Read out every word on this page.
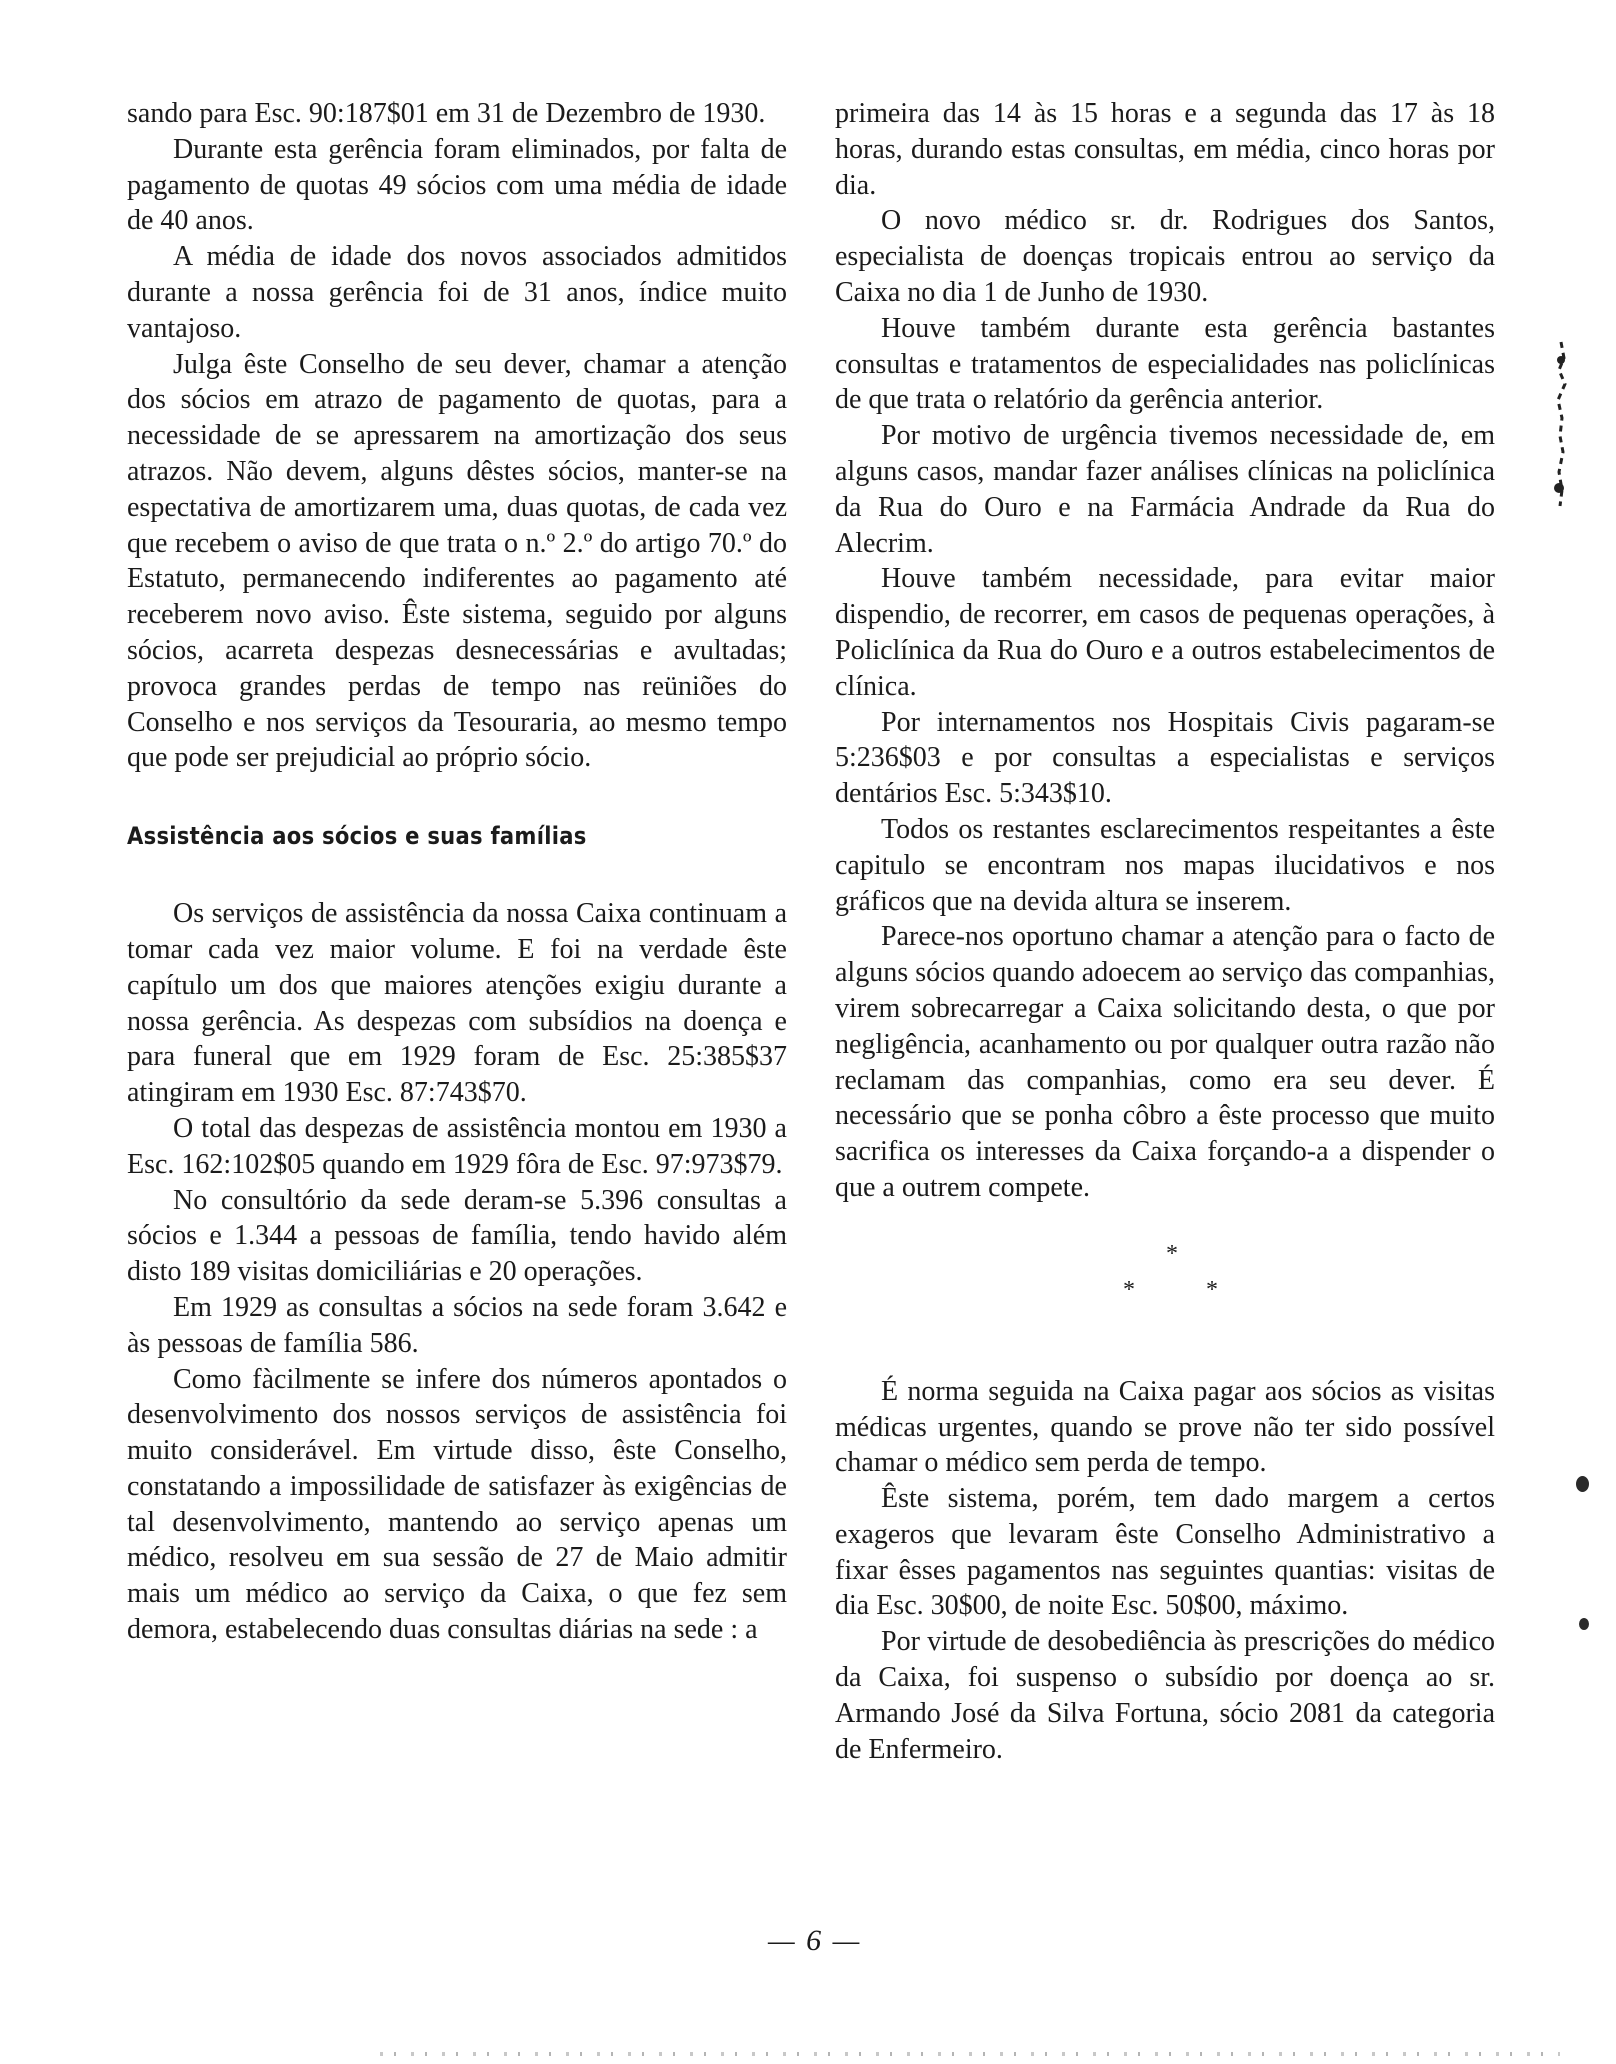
sando para Esc. 90:187$01 em 31 de Dezembro de 1930.

Durante esta gerência foram eliminados, por falta de pagamento de quotas 49 sócios com uma média de idade de 40 anos.

A média de idade dos novos associados admitidos durante a nossa gerência foi de 31 anos, índice muito vantajoso.

Julga êste Conselho de seu dever, chamar a atenção dos sócios em atrazo de pagamento de quotas, para a necessidade de se apressarem na amortização dos seus atrazos. Não devem, alguns dêstes sócios, manter-se na espectativa de amortizarem uma, duas quotas, de cada vez que recebem o aviso de que trata o n.º 2.º do artigo 70.º do Estatuto, permanecendo indiferentes ao pagamento até receberem novo aviso. Êste sistema, seguido por alguns sócios, acarreta despezas desnecessárias e avultadas; provoca grandes perdas de tempo nas reüniões do Conselho e nos serviços da Tesouraria, ao mesmo tempo que pode ser prejudicial ao próprio sócio.

Assistência aos sócios e suas famílias

Os serviços de assistência da nossa Caixa continuam a tomar cada vez maior volume. E foi na verdade êste capítulo um dos que maiores atenções exigiu durante a nossa gerência. As despezas com subsídios na doença e para funeral que em 1929 foram de Esc. 25:385$37 atingiram em 1930 Esc. 87:743$70.

O total das despezas de assistência montou em 1930 a Esc. 162:102$05 quando em 1929 fôra de Esc. 97:973$79.

No consultório da sede deram-se 5.396 consultas a sócios e 1.344 a pessoas de família, tendo havido além disto 189 visitas domiciliárias e 20 operações.

Em 1929 as consultas a sócios na sede foram 3.642 e às pessoas de família 586.

Como fàcilmente se infere dos números apontados o desenvolvimento dos nossos serviços de assistência foi muito considerável. Em virtude disso, êste Conselho, constatando a impossilidade de satisfazer às exigências de tal desenvolvimento, mantendo ao serviço apenas um médico, resolveu em sua sessão de 27 de Maio admitir mais um médico ao serviço da Caixa, o que fez sem demora, estabelecendo duas consultas diárias na sede : a

primeira das 14 às 15 horas e a segunda das 17 às 18 horas, durando estas consultas, em média, cinco horas por dia.

O novo médico sr. dr. Rodrigues dos Santos, especialista de doenças tropicais entrou ao serviço da Caixa no dia 1 de Junho de 1930.

Houve também durante esta gerência bastantes consultas e tratamentos de especialidades nas policlínicas de que trata o relatório da gerência anterior.

Por motivo de urgência tivemos necessidade de, em alguns casos, mandar fazer análises clínicas na policlínica da Rua do Ouro e na Farmácia Andrade da Rua do Alecrim.

Houve também necessidade, para evitar maior dispendio, de recorrer, em casos de pequenas operações, à Policlínica da Rua do Ouro e a outros estabelecimentos de clínica.

Por internamentos nos Hospitais Civis pagaram-se 5:236$03 e por consultas a especialistas e serviços dentários Esc. 5:343$10.

Todos os restantes esclarecimentos respeitantes a êste capitulo se encontram nos mapas ilucidativos e nos gráficos que na devida altura se inserem.

Parece-nos oportuno chamar a atenção para o facto de alguns sócios quando adoecem ao serviço das companhias, virem sobrecarregar a Caixa solicitando desta, o que por negligência, acanhamento ou por qualquer outra razão não reclamam das companhias, como era seu dever. É necessário que se ponha côbro a êste processo que muito sacrifica os interesses da Caixa forçando-a a dispender o que a outrem compete.

*
*	*

É norma seguida na Caixa pagar aos sócios as visitas médicas urgentes, quando se prove não ter sido possível chamar o médico sem perda de tempo.

Êste sistema, porém, tem dado margem a certos exageros que levaram êste Conselho Administrativo a fixar êsses pagamentos nas seguintes quantias: visitas de dia Esc. 30$00, de noite Esc. 50$00, máximo.

Por virtude de desobediência às prescrições do médico da Caixa, foi suspenso o subsídio por doença ao sr. Armando José da Silva Fortuna, sócio 2081 da categoria de Enfermeiro.

— 6 —
